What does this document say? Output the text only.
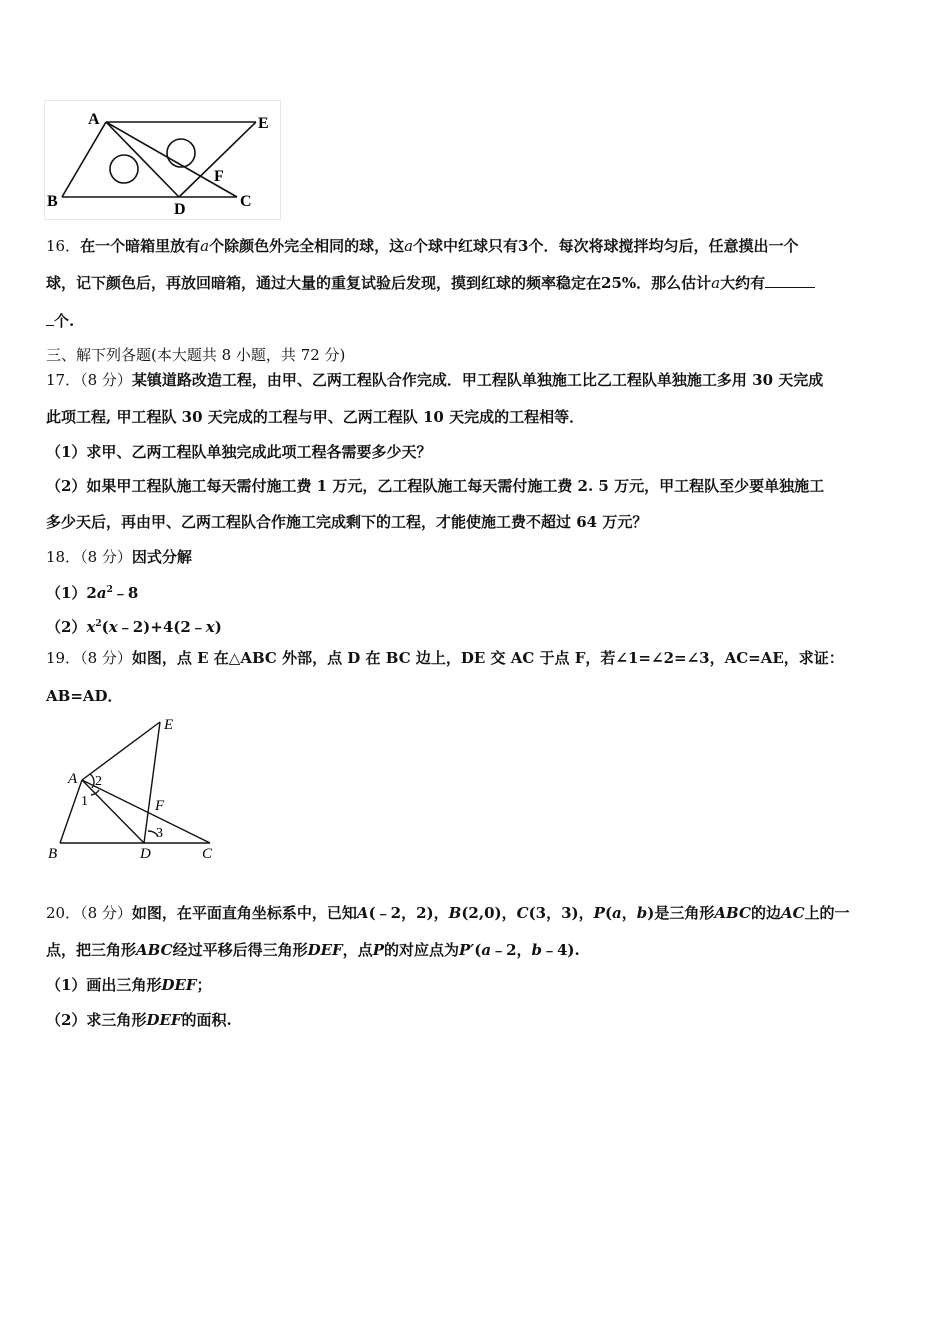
A	E
B	D	C
F
16．在一个暗箱里放有a个除颜色外完全相同的球，这a个球中红球只有3个．每次将球搅拌均匀后，任意摸出一个
球，记下颜色后，再放回暗箱，通过大量的重复试验后发现，摸到红球的频率稳定在25%．那么估计a大约有
个.
三、解下列各题(本大题共 8 小题，共 72 分)
17．（8 分）某镇道路改造工程，由甲、乙两工程队合作完成．甲工程队单独施工比乙工程队单独施工多用 30 天完成
此项工程, 甲工程队 30 天完成的工程与甲、乙两工程队 10 天完成的工程相等．
（1）求甲、乙两工程队单独完成此项工程各需要多少天？
（2）如果甲工程队施工每天需付施工费 1 万元，乙工程队施工每天需付施工费 2. 5 万元，甲工程队至少要单独施工
多少天后，再由甲、乙两工程队合作施工完成剩下的工程，才能使施工费不超过 64 万元？
18．（8 分）因式分解
$(1)2a^2﹣8$
$(2)x^2(x﹣2)+4(2﹣x)$
19．（8 分）如图，点 E 在△ABC 外部，点 D 在 BC 边上，DE 交 AC 于点 F，若∠1=∠2=∠3，AC=AE，求证：
AB=AD．
E
A 2
1	F
3
B	D	C
20．（8 分）如图，在平面直角坐标系中，已知A(﹣2，2)，B(2,0)，C(3，3)，P(a，b)是三角形ABC的边AC上的一
点，把三角形ABC经过平移后得三角形DEF，点P的对应点为P′(a﹣2，b﹣4).
（1）画出三角形DEF；
（2）求三角形DEF的面积.
